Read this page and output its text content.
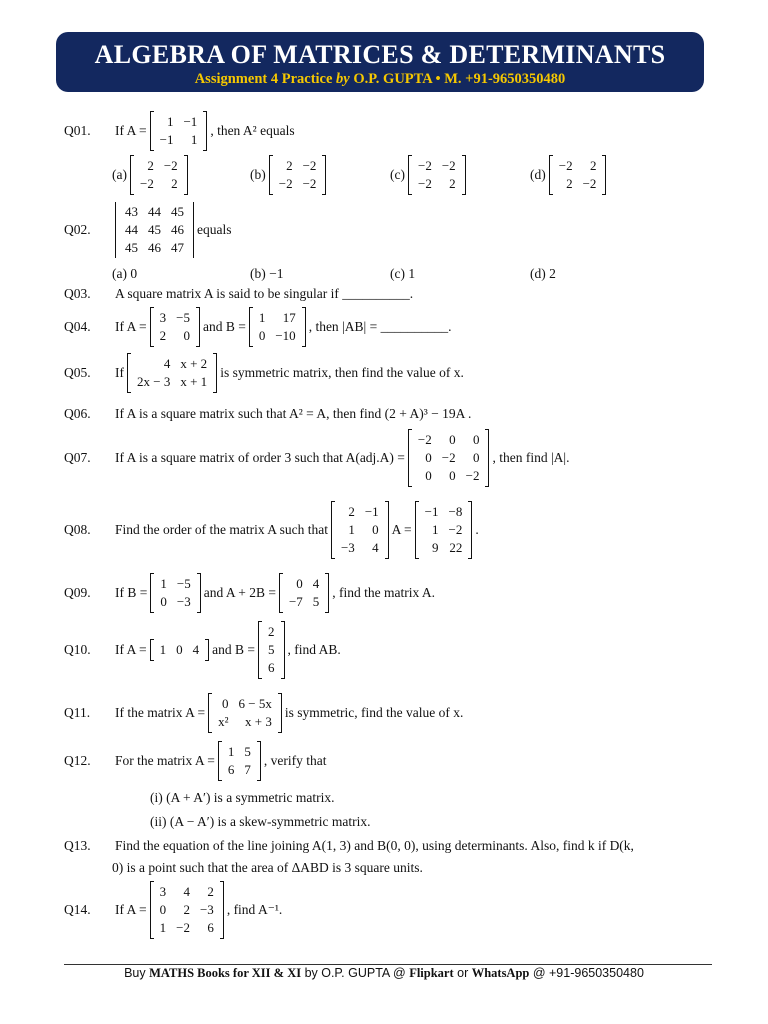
ALGEBRA OF MATRICES & DETERMINANTS
Assignment 4 Practice by O.P. GUPTA • M. +91-9650350480
Q01.	If A =
1	−1
−1	1
, then A² equals
(a)
2	−2
−2	2
(b)
2	−2
−2	−2
(c)
−2	−2
−2	2
(d)
−2	2
2	−2
Q02.
43	44	45
44	45	46
45	46	47
equals
(a) 0	(b) −1	(c) 1	(d) 2
Q03.	A square matrix A is said to be singular if __________.
Q04.	If A =
3	−5
2	0
and B =
1	17
0	−10
, then |AB| = __________.
Q05.	If
4	x + 2
2x − 3	x + 1
is symmetric matrix, then find the value of x.
Q06.	If A is a square matrix such that A² = A, then find (2 + A)³ − 19A .
Q07.	If A is a square matrix of order 3 such that A(adj.A) =
−2	0	0
0	−2	0
0	0	−2
, then find |A|.
Q08.	Find the order of the matrix A such that
2	−1
1	0
−3	4
A =
−1	−8
1	−2
9	22
.
Q09.	If B =
1	−5
0	−3
and A + 2B =
0	4
−7	5
, find the matrix A.
Q10.	If A = 1	0	4 and B =
2
5
6
, find AB.
Q11.	If the matrix A =
0	6 − 5x
x²	x + 3
is symmetric, find the value of x.
Q12.	For the matrix A =
1	5
6	7
, verify that
(i) (A + A′) is a symmetric matrix.
(ii) (A − A′) is a skew-symmetric matrix.
Q13.	Find the equation of the line joining A(1, 3) and B(0, 0), using determinants. Also, find k if D(k,
0) is a point such that the area of ΔABD is 3 square units.
Q14.	If A =
3	4	2
0	2	−3
1	−2	6
, find A⁻¹.
Buy MATHS Books for XII & XI by O.P. GUPTA @ Flipkart or WhatsApp @ +91-9650350480
